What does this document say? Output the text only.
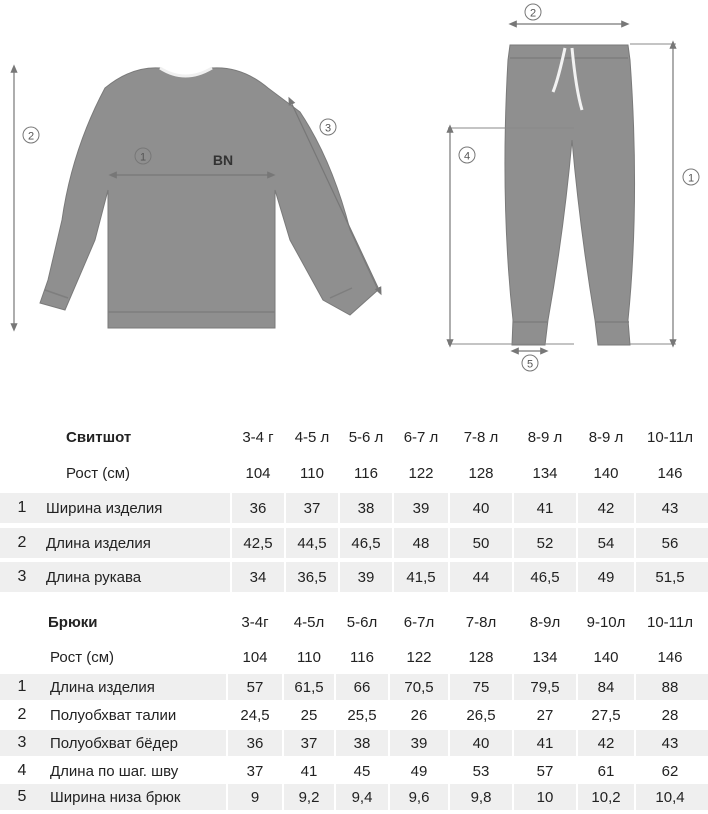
BN
1
2
3
2
4
1
5
Свитшот	3-4 г	4-5 л	5-6 л	6-7 л	7-8 л	8-9 л	8-9 л	10-11л
Рост (см)	104	110	116	122	128	134	140	146
1	Ширина изделия	36	37	38	39	40	41	42	43
2	Длина изделия	42,5	44,5	46,5	48	50	52	54	56
3	Длина рукава	34	36,5	39	41,5	44	46,5	49	51,5
Брюки	3-4г	4-5л	5-6л	6-7л	7-8л	8-9л	9-10л	10-11л
Рост (см)	104	110	116	122	128	134	140	146
1	Длина изделия	57	61,5	66	70,5	75	79,5	84	88
2	Полуобхват талии	24,5	25	25,5	26	26,5	27	27,5	28
3	Полуобхват бёдер	36	37	38	39	40	41	42	43
4	Длина по шаг. шву	37	41	45	49	53	57	61	62
5	Ширина низа брюк	9	9,2	9,4	9,6	9,8	10	10,2	10,4
